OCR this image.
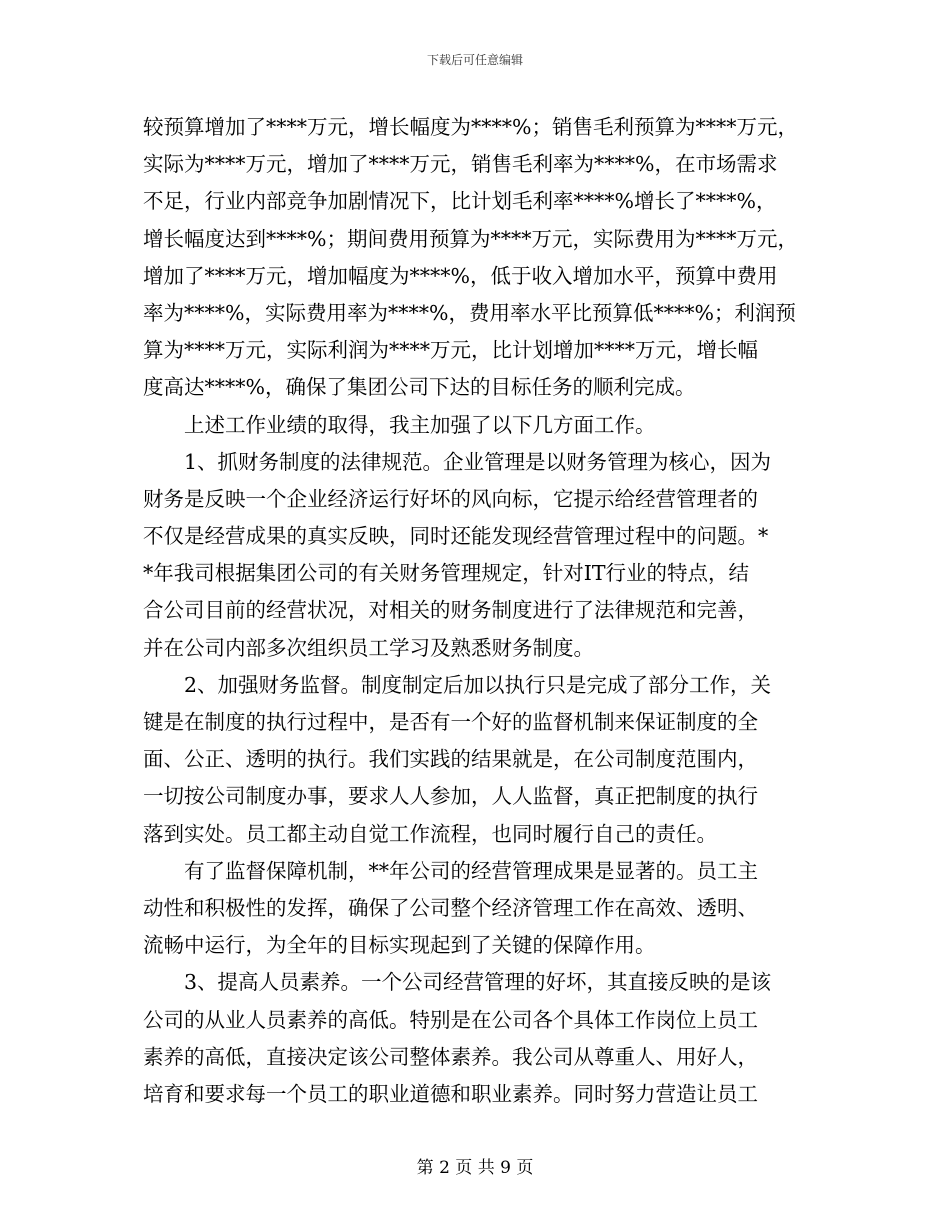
下载后可任意编辑
较预算增加了****万元，增长幅度为****%；销售毛利预算为****万元，
实际为****万元，增加了****万元，销售毛利率为****%，在市场需求
不足，行业内部竞争加剧情况下，比计划毛利率****%增长了****%，
增长幅度达到****%；期间费用预算为****万元，实际费用为****万元，
增加了****万元，增加幅度为****%，低于收入增加水平，预算中费用
率为****%，实际费用率为****%，费用率水平比预算低****%；利润预
算为****万元，实际利润为****万元，比计划增加****万元，增长幅
度高达****%，确保了集团公司下达的目标任务的顺利完成。
　　上述工作业绩的取得，我主加强了以下几方面工作。
　　1、抓财务制度的法律规范。企业管理是以财务管理为核心，因为
财务是反映一个企业经济运行好坏的风向标，它提示给经营管理者的
不仅是经营成果的真实反映，同时还能发现经营管理过程中的问题。*
*年我司根据集团公司的有关财务管理规定，针对IT行业的特点，结
合公司目前的经营状况，对相关的财务制度进行了法律规范和完善，
并在公司内部多次组织员工学习及熟悉财务制度。
　　2、加强财务监督。制度制定后加以执行只是完成了部分工作，关
键是在制度的执行过程中，是否有一个好的监督机制来保证制度的全
面、公正、透明的执行。我们实践的结果就是，在公司制度范围内，
一切按公司制度办事，要求人人参加，人人监督，真正把制度的执行
落到实处。员工都主动自觉工作流程，也同时履行自己的责任。
　　有了监督保障机制，**年公司的经营管理成果是显著的。员工主
动性和积极性的发挥，确保了公司整个经济管理工作在高效、透明、
流畅中运行，为全年的目标实现起到了关键的保障作用。
　　3、提高人员素养。一个公司经营管理的好坏，其直接反映的是该
公司的从业人员素养的高低。特别是在公司各个具体工作岗位上员工
素养的高低，直接决定该公司整体素养。我公司从尊重人、用好人，
培育和要求每一个员工的职业道德和职业素养。同时努力营造让员工
第 2 页 共 9 页
